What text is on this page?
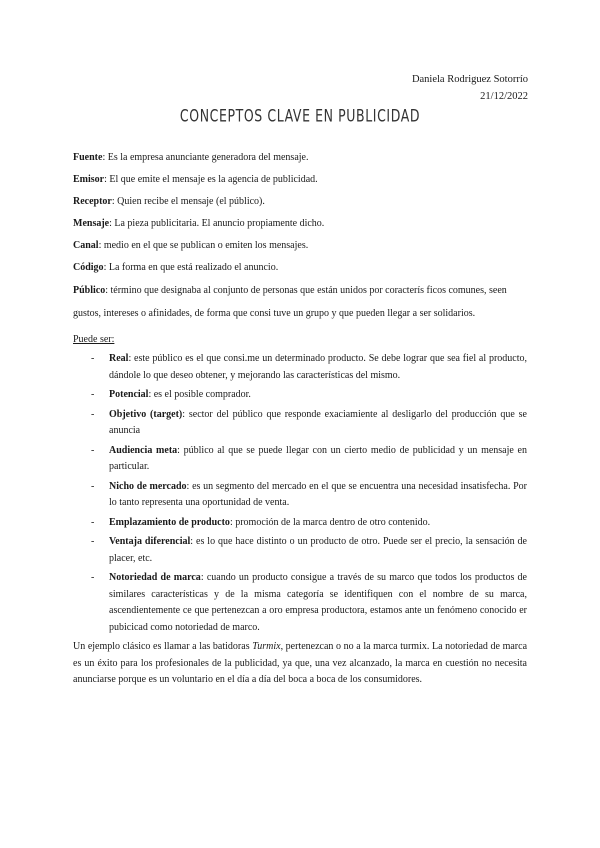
Daniela Rodriguez Sotorrío
21/12/2022
CONCEPTOS CLAVE EN PUBLICIDAD

Fuente: Es la empresa anunciante generadora del mensaje.

Emisor: El que emite el mensaje es la agencia de publicidad.

Receptor: Quien recibe el mensaje (el público).

Mensaje: La pieza publicitaria. El anuncio propiamente dicho.

Canal: medio en el que se publican o emiten los mensajes.

Código: La forma en que está realizado el anuncio.

Público: término que designaba al conjunto de personas que están unidos por coracterís ficos comunes, seen gustos, intereses o afinidades, de forma que consi tuve un grupo y que pueden llegar a ser solidarios.

Puede ser:
- Real: este público es el que consi.me un determinado producto. Se debe lograr que sea fiel al producto, dándole lo que deseo obtener, y mejorando las características del mismo.
- Potencial: es el posible comprador.
- Objetivo (target): sector del público que responde exaciamiente al desligarlo del producción que se anuncia
- Audiencia meta: público al que se puede llegar con un cierto medio de publicidad y un mensaje en particular.
- Nicho de mercado: es un segmento del mercado en el que se encuentra una necesidad insatisfecha. Por lo tanto representa una oportunidad de venta.
- Emplazamiento de producto: promoción de la marca dentro de otro contenido.
- Ventaja diferencial: es lo que hace distinto o un producto de otro. Puede ser el precio, la sensación de placer, etc.
- Notoriedad de marca: cuando un producto consigue a través de su marco que todos los productos de similares características y de la misma categoría se identifiquen con el nombre de su marca, ascendientemente ce que pertenezcan a oro empresa productora, estamos ante un fenómeno conocido er pubicicad como notoriedad de marco.

Un ejemplo clásico es llamar a las batidoras Turmix, pertenezcan o no a la marca turmix. La notoriedad de marca es un éxito para los profesionales de la publicidad, ya que, una vez alcanzado, la marca en cuestión no necesita anunciarse porque es un voluntario en el día a día del boca a boca de los consumidores.
